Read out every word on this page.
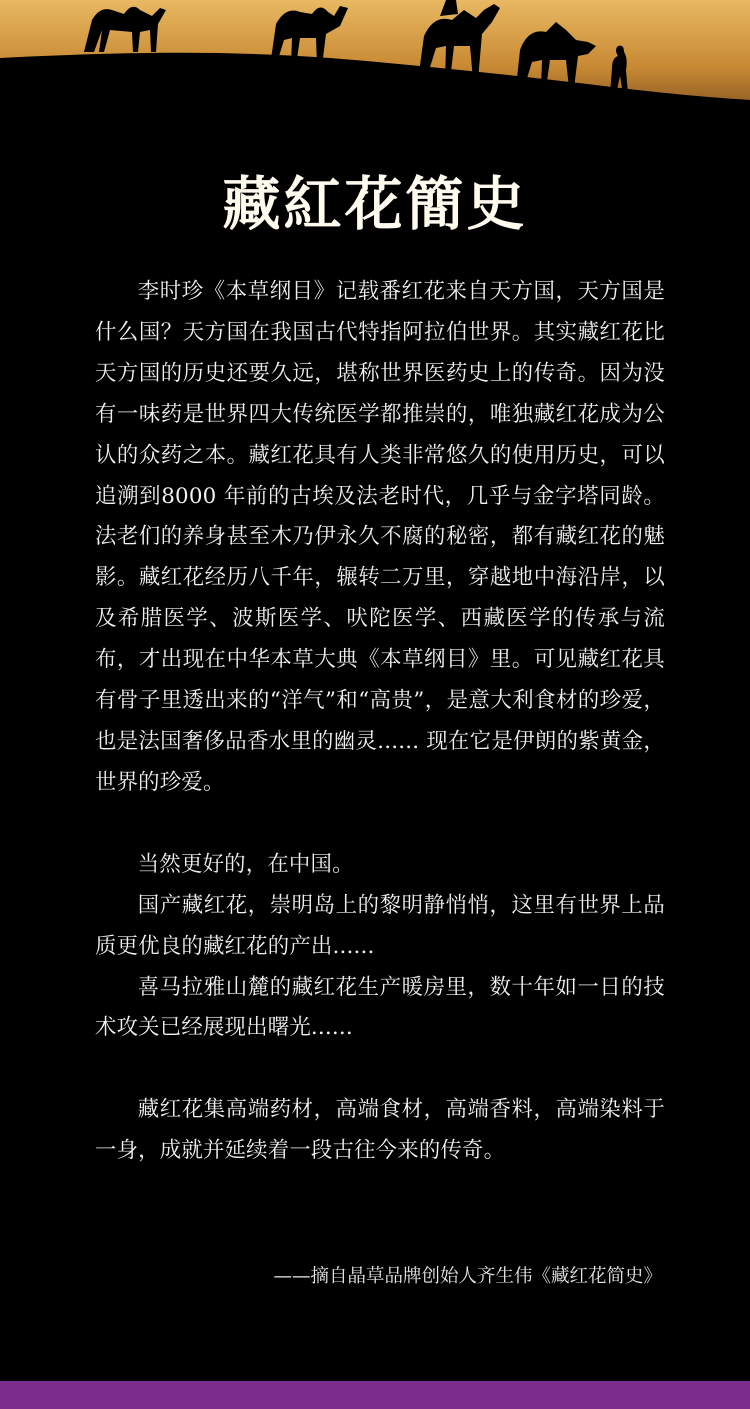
藏紅花簡史

李时珍《本草纲目》记载番红花来自天方国，天方国是什么国？天方国在我国古代特指阿拉伯世界。其实藏红花比天方国的历史还要久远，堪称世界医药史上的传奇。因为没有一味药是世界四大传统医学都推崇的，唯独藏红花成为公认的众药之本。藏红花具有人类非常悠久的使用历史，可以追溯到8000 年前的古埃及法老时代，几乎与金字塔同龄。法老们的养身甚至木乃伊永久不腐的秘密，都有藏红花的魅影。藏红花经历八千年，辗转二万里，穿越地中海沿岸，以及希腊医学、波斯医学、吠陀医学、西藏医学的传承与流布，才出现在中华本草大典《本草纲目》里。可见藏红花具有骨子里透出来的“洋气”和“高贵”，是意大利食材的珍爱，也是法国奢侈品香水里的幽灵...... 现在它是伊朗的紫黄金，世界的珍爱。

当然更好的，在中国。

国产藏红花，崇明岛上的黎明静悄悄，这里有世界上品质更优良的藏红花的产出......

喜马拉雅山麓的藏红花生产暖房里，数十年如一日的技术攻关已经展现出曙光......

藏红花集高端药材，高端食材，高端香料，高端染料于一身，成就并延续着一段古往今来的传奇。

——摘自晶草品牌创始人齐生伟《藏红花简史》
